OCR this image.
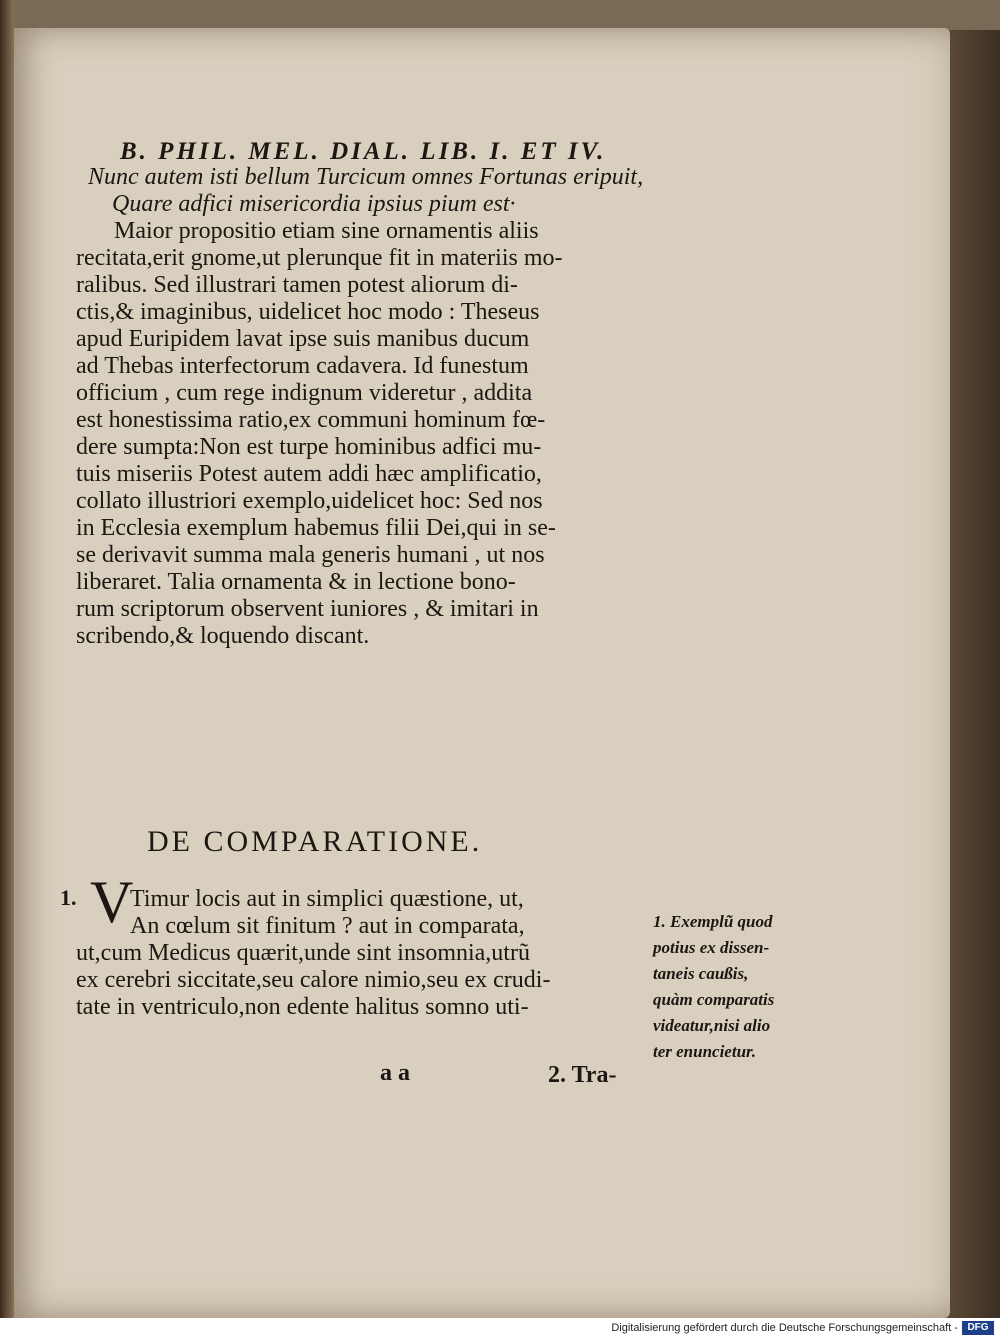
B. PHIL. MEL. DIAL. LIB. I. ET IV.
Nunc autem isti bellum Turcicum omnes Fortunas eripuit,
Quare adfici misericordia ipsius pium est·
Maior propositio etiam sine ornamentis aliis
recitata,erit gnome,ut plerunque fit in materiis mo-
ralibus. Sed illustrari tamen potest aliorum di-
ctis,& imaginibus, uidelicet hoc modo : Theseus
apud Euripidem lavat ipse suis manibus ducum
ad Thebas interfectorum cadavera. Id funestum
officium , cum rege indignum videretur , addita
est honestissima ratio,ex communi hominum fœ-
dere sumpta:Non est turpe hominibus adfici mu-
tuis miseriis Potest autem addi hæc amplificatio,
collato illustriori exemplo,uidelicet hoc: Sed nos
in Ecclesia exemplum habemus filii Dei,qui in se-
se derivavit summa mala generis humani , ut nos
liberaret. Talia ornamenta & in lectione bono-
rum scriptorum observent iuniores , & imitari in
scribendo,& loquendo discant.
DE COMPARATIONE.
1. V
Timur locis aut in simplici quæstione, ut,
An cœlum sit finitum ? aut in comparata,
ut,cum Medicus quærit,unde sint insomnia,utrũ
ex cerebri siccitate,seu calore nimio,seu ex crudi-
tate in ventriculo,non edente halitus somno uti-
1. Exemplũ quod
potius ex dissen-
taneis caußis,
quàm comparatis
videatur,nisi alio
ter enuncietur.
a a	2. Tra-
Digitalisierung gefördert durch die Deutsche Forschungsgemeinschaft - DFG
